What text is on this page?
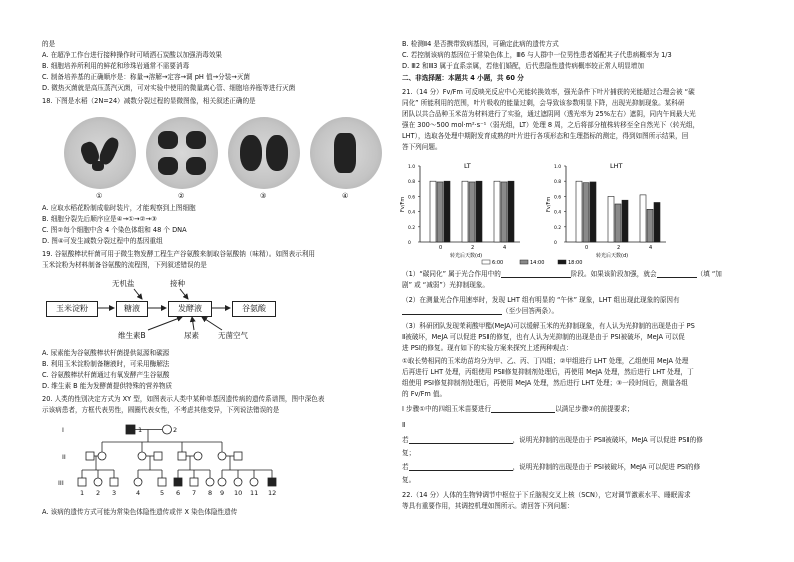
的是
A. 在超净工作台进行接种操作时可喷洒石炭酸以加强消毒效果
B. 细胞培养所利用的鲜花和珍珠岩通常不需要消毒
C. 制备培养基的正确顺序是：称量→溶解→定容→调 pH 值→分装→灭菌
D. 微热灭菌就是高压蒸汽灭菌，可对实验中使用的微量离心管、细胞培养瓶等进行灭菌
18. 下图是水稻（2N=24）减数分裂过程的显微图像，相关叙述正确的是
①	②	③	④
A. 应取水稻花粉制成临时装片，才能观察到上图细胞
B. 细胞分裂先后顺序应是④→①→②→③
C. 图②每个细胞中含 4 个染色体组和 48 个 DNA
D. 图④可发生减数分裂过程中的基因重组
19. 谷氨酸棒状杆菌可用于微生物发酵工程生产谷氨酸来制取谷氨酸钠（味精）。如图表示利用
玉米淀粉为材料制备谷氨酸的流程图，下列叙述错误的是
玉米淀粉	糖液	发酵液	谷氨酸
无机盐	接种
维生素B	尿素	无菌空气
A. 尿素能为谷氨酸棒状杆菌提供氮源和碳源
B. 利用玉米淀粉制备糖液时，可采用酶解法
C. 谷氨酸棒状杆菌通过有氧发酵产生谷氨酸
D. 维生素 B 能为发酵菌提供特殊的营养物质
20. 人类的性别决定方式为 XY 型，如图表示人类中某种单基因遗传病的遗传系谱图，图中深色表
示该病患者，方框代表男性，圆圈代表女性，不考虑其他变异，下列说法错误的是
I
II
III
1	2
1 2 3	4	5 6 7 8 9 10 11 12
A. 该病的遗传方式可能为常染色体隐性遗传或伴 X 染色体隐性遗传
B. 检测Ⅱ4 是否携带致病基因，可确定此病的遗传方式
C. 若控制该病的基因位于常染色体上，Ⅲ6 与人群中一位男性患者婚配其子代患病概率为 1/3
D. Ⅲ2 和Ⅲ3 属于直系亲属，若他们婚配，后代患隐性遗传病概率较正常人明显增加
二、非选择题：本题共 4 小题，共 60 分
21.（14 分）Fv/Fm 可反映光反应中心光能转换效率，强光条件下叶片捕获的光能超过合理会被 “碳
同化” 所能利用的范围，叶片吸收的能量过剩，会导致该参数明显下降，出现光抑制现象。某科研
团队以共合品种玉米苗为材料进行了实验，通过遮阴网（透光率为 25%左右）遮阴，同内午间最大光
强在 300～500 mol·m²·s⁻¹（弱光组，LT）处理 8 周，之后将部分植株转移至全自然光下（转光组，
LHT），选取各处理中期附发育成熟的叶片进行各项形态和生理指标的测定，得到如图所示结果，回
答下列问题。
LT
0
0.2
0.4
0.6
0.8
1.0
Fv/Fm
0	2	4
转光后天数(d)
LHT
0
0.2
0.4
0.6
0.8
1.0
Fv/Fm
0	2	4
转光后天数(d)
6:00	14:00	18:00
（1）“碳同化” 属于光合作用中的	阶段。如果该阶段加强，就会	（填 “加
剧” 或 “减弱”）光抑制现象。
（2）在测量光合作用速率时，发现 LHT 组有明显的 “午休” 现象，LHT 组出现此现象的原因有
（至少回答两条）。
（3）科研团队发现茉莉酸甲酯(MeJA)可以缓解玉米的光抑制现象，有人认为光抑制的出现是由于 PS
Ⅱ被破坏，MeJA 可以促进 PSⅡ的修复，也有人认为光抑制的出现是由于 PSⅠ被破坏，MeJA 可以促
进 PSⅠ的修复。现有如下的实验方案来探究上述两种观点：
①取长势相同的玉米幼苗均分为甲、乙、丙、丁四组；②甲组进行 LHT 处理，乙组使用 MeJA 处理
后再进行 LHT 处理，丙组使用 PSⅡ修复抑制剂处理后，再使用 MeJA 处理，然后进行 LHT 处理，丁
组使用 PSⅠ修复抑制剂处理后，再使用 MeJA 处理，然后进行 LHT 处理；③一段时间后，测量各组
的 Fv/Fm 值。
Ⅰ 步骤①中的四组玉米苗要进行	以满足步骤②的前提要求；
Ⅱ
若	，说明光抑制的出现是由于 PSⅡ被破坏，MeJA 可以促进 PSⅡ的修
复；
若	，说明光抑制的出现是由于 PSⅠ被破坏，MeJA 可以促进 PSⅠ的修
复。
22.（14 分）人体的生物钟调节中枢位于下丘脑视交叉上核（SCN），它对调节激素水平、睡眠需求
等具有重要作用，其调控机理如图所示。请回答下列问题：
